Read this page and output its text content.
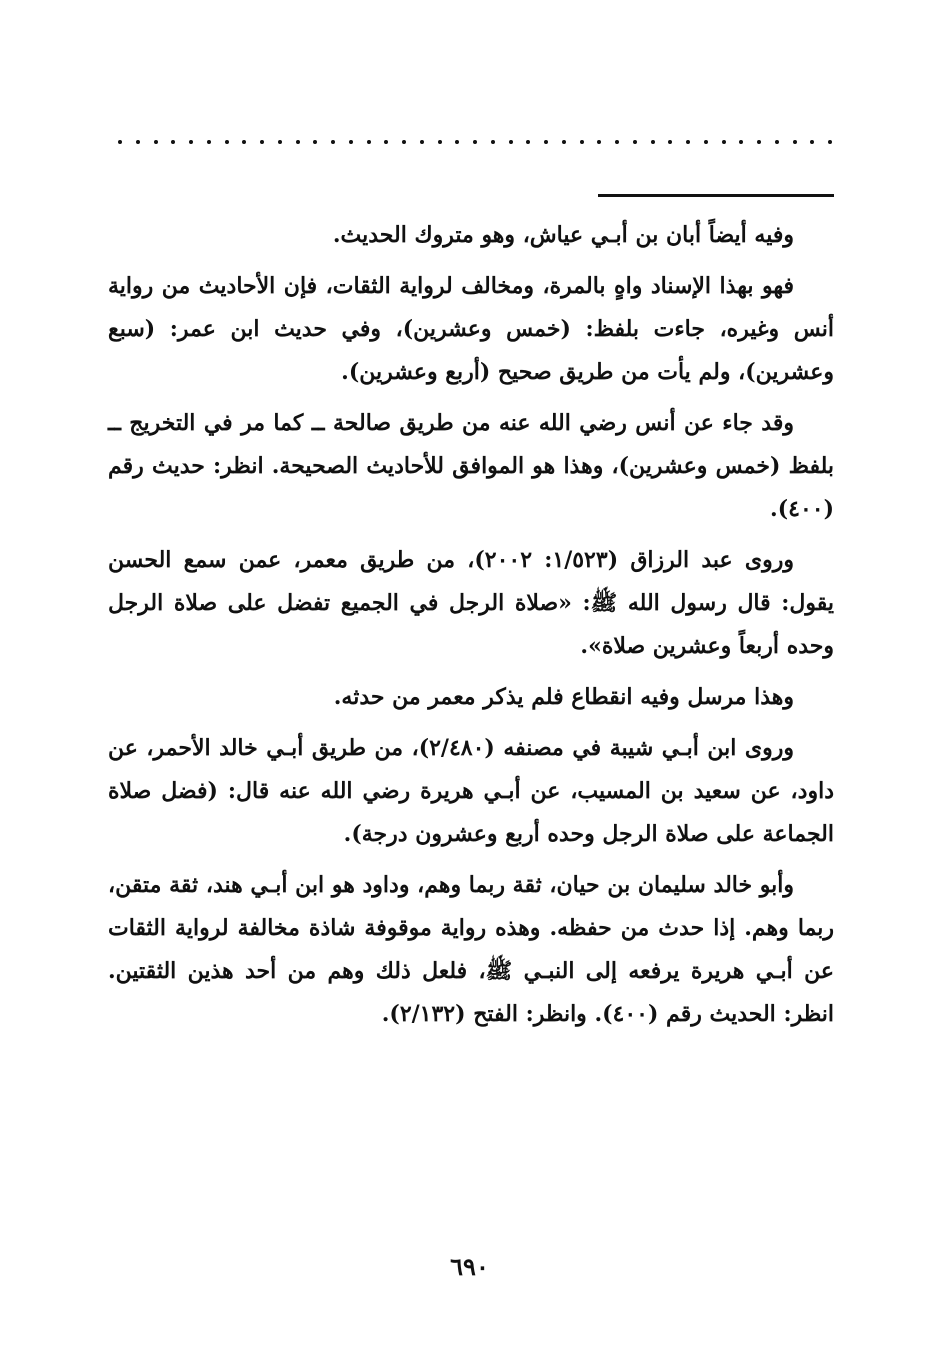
وفيه أيضاً أبان بن أبـي عياش، وهو متروك الحديث.

فهو بهذا الإسناد واهٍ بالمرة، ومخالف لرواية الثقات، فإن الأحاديث من رواية أنس وغيره، جاءت بلفظ: (خمس وعشرين)، وفي حديث ابن عمر: (سبع وعشرين)، ولم يأت من طريق صحيح (أربع وعشرين).

وقد جاء عن أنس رضي الله عنه من طريق صالحة ــ كما مر في التخريج ــ بلفظ (خمس وعشرين)، وهذا هو الموافق للأحاديث الصحيحة. انظر: حديث رقم (٤٠٠).

وروى عبد الرزاق (١/٥٢٣: ٢٠٠٢)، من طريق معمر، عمن سمع الحسن يقول: قال رسول الله ﷺ: «صلاة الرجل في الجميع تفضل على صلاة الرجل وحده أربعاً وعشرين صلاة».

وهذا مرسل وفيه انقطاع فلم يذكر معمر من حدثه.

وروى ابن أبـي شيبة في مصنفه (٢/٤٨٠)، من طريق أبـي خالد الأحمر، عن داود، عن سعيد بن المسيب، عن أبـي هريرة رضي الله عنه قال: (فضل صلاة الجماعة على صلاة الرجل وحده أربع وعشرون درجة).

وأبو خالد سليمان بن حيان، ثقة ربما وهم، وداود هو ابن أبـي هند، ثقة متقن، ربما وهم. إذا حدث من حفظه. وهذه رواية موقوفة شاذة مخالفة لرواية الثقات عن أبـي هريرة يرفعه إلى النبـي ﷺ، فلعل ذلك وهم من أحد هذين الثقتين. انظر: الحديث رقم (٤٠٠). وانظر: الفتح (٢/١٣٢).

٦٩٠
